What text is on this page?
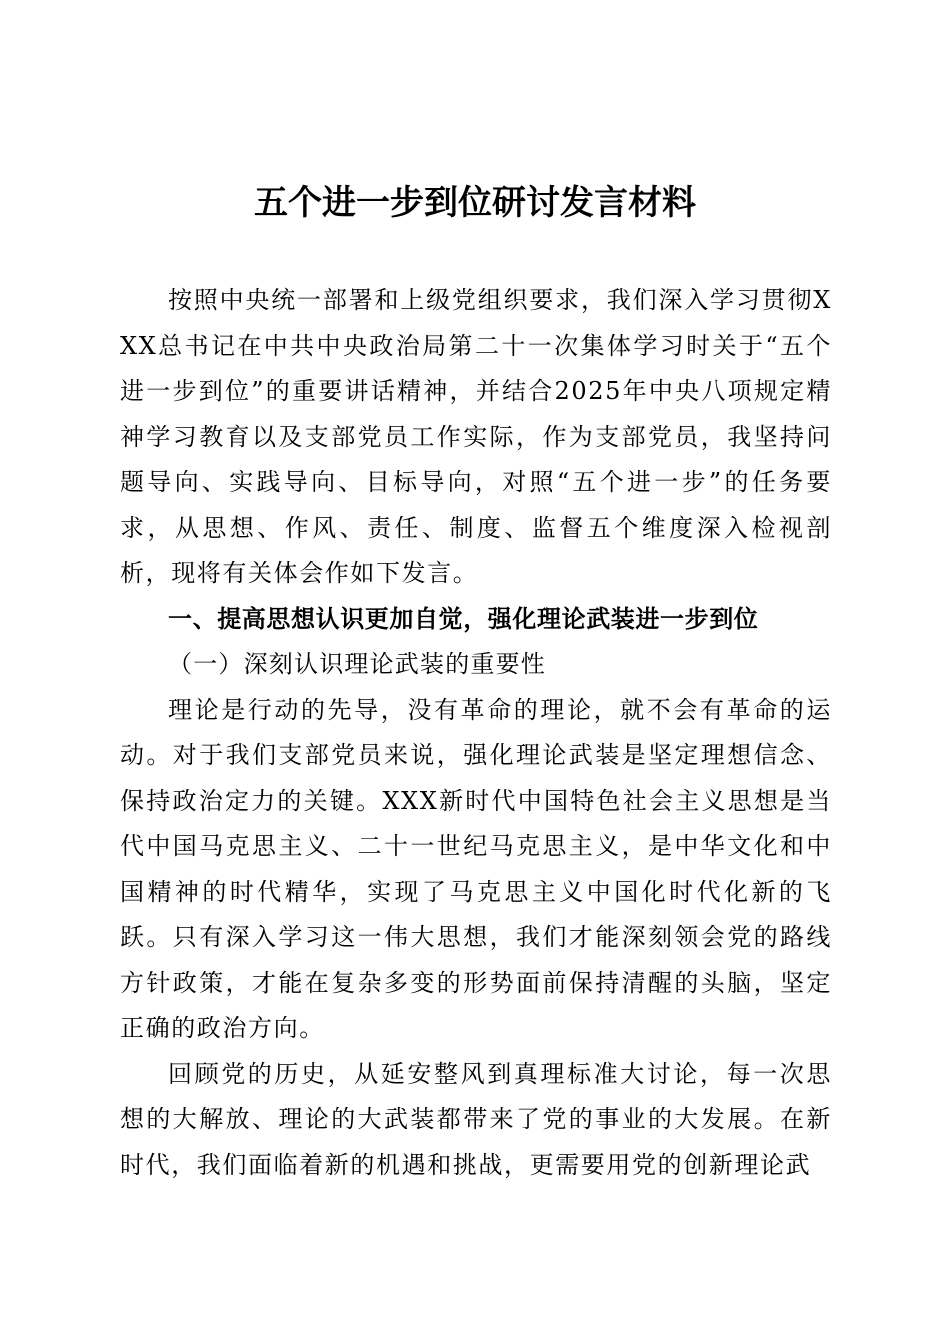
五个进一步到位研讨发言材料

按照中央统一部署和上级党组织要求，我们深入学习贯彻XXX总书记在中共中央政治局第二十一次集体学习时关于“五个进一步到位”的重要讲话精神，并结合2025年中央八项规定精神学习教育以及支部党员工作实际，作为支部党员，我坚持问题导向、实践导向、目标导向，对照“五个进一步”的任务要求，从思想、作风、责任、制度、监督五个维度深入检视剖析，现将有关体会作如下发言。

一、提高思想认识更加自觉，强化理论武装进一步到位

（一）深刻认识理论武装的重要性

理论是行动的先导，没有革命的理论，就不会有革命的运动。对于我们支部党员来说，强化理论武装是坚定理想信念、保持政治定力的关键。XXX新时代中国特色社会主义思想是当代中国马克思主义、二十一世纪马克思主义，是中华文化和中国精神的时代精华，实现了马克思主义中国化时代化新的飞跃。只有深入学习这一伟大思想，我们才能深刻领会党的路线方针政策，才能在复杂多变的形势面前保持清醒的头脑，坚定正确的政治方向。

回顾党的历史，从延安整风到真理标准大讨论，每一次思想的大解放、理论的大武装都带来了党的事业的大发展。在新时代，我们面临着新的机遇和挑战，更需要用党的创新理论武
